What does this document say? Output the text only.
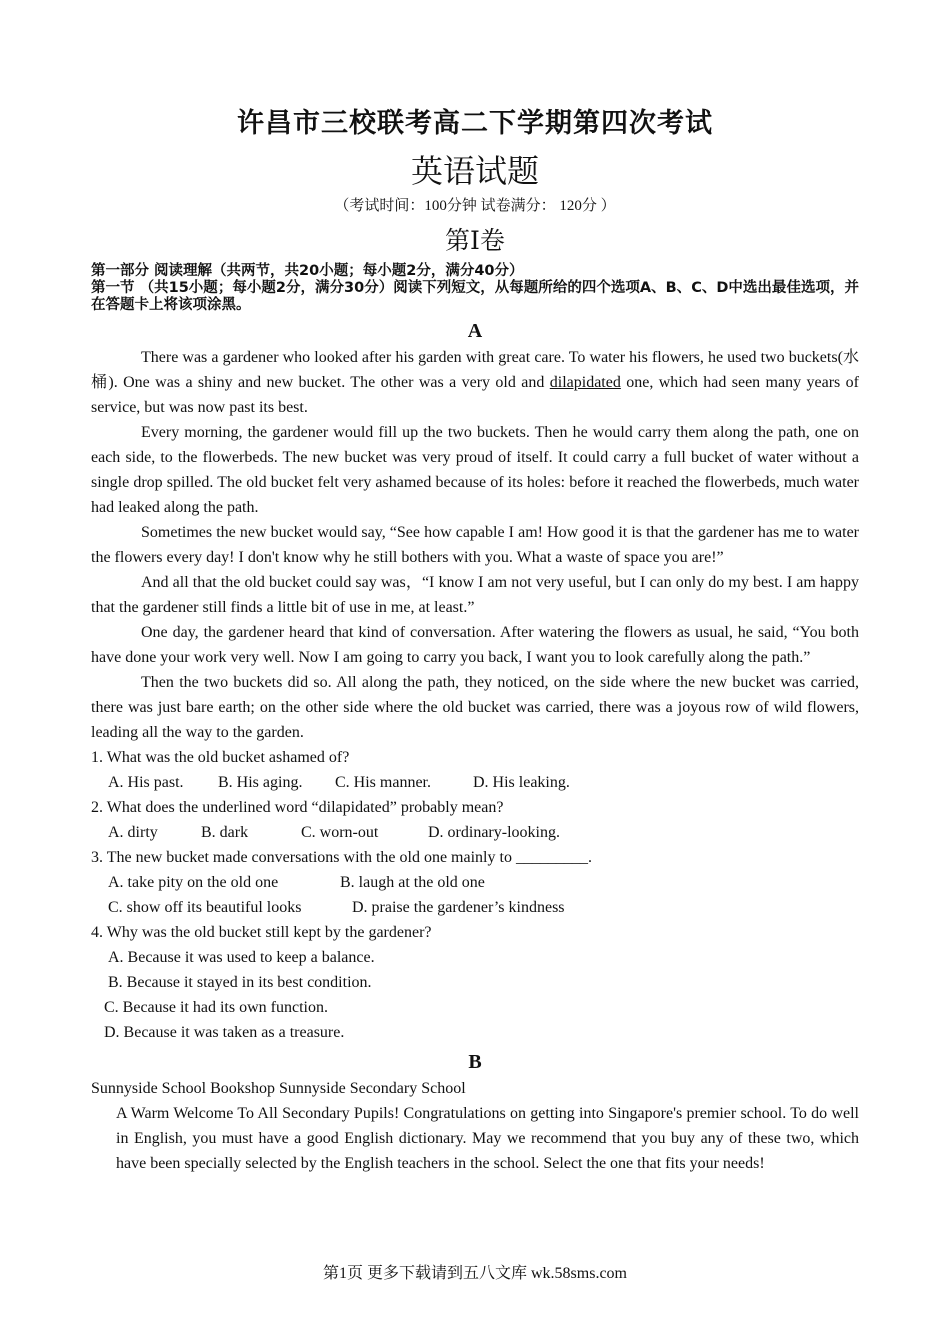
许昌市三校联考高二下学期第四次考试
英语试题
（考试时间：100分钟 试卷满分： 120分 ）
第Ⅰ卷
第一部分 阅读理解（共两节，共20小题；每小题2分，满分40分）
第一节 （共15小题；每小题2分，满分30分）阅读下列短文，从每题所给的四个选项A、B、C、D中选出最佳选项，并在答题卡上将该项涂黑。
A

There was a gardener who looked after his garden with great care. To water his flowers, he used two buckets(水桶). One was a shiny and new bucket. The other was a very old and dilapidated one, which had seen many years of service, but was now past its best.

Every morning, the gardener would fill up the two buckets. Then he would carry them along the path, one on each side, to the flowerbeds. The new bucket was very proud of itself. It could carry a full bucket of water without a single drop spilled. The old bucket felt very ashamed because of its holes: before it reached the flowerbeds, much water had leaked along the path.

Sometimes the new bucket would say, “See how capable I am! How good it is that the gardener has me to water the flowers every day! I don't know why he still bothers with you. What a waste of space you are!”

And all that the old bucket could say was，“I know I am not very useful, but I can only do my best. I am happy that the gardener still finds a little bit of use in me, at least.”

One day, the gardener heard that kind of conversation. After watering the flowers as usual, he said, “You both have done your work very well. Now I am going to carry you back, I want you to look carefully along the path.”

Then the two buckets did so. All along the path, they noticed, on the side where the new bucket was carried, there was just bare earth; on the other side where the old bucket was carried, there was a joyous row of wild flowers, leading all the way to the garden.

1. What was the old bucket ashamed of?

A. His past. B. His aging. C. His manner.	D. His leaking.

2. What does the underlined word “dilapidated” probably mean?

A. dirty	B. dark	C. worn-out	D. ordinary-looking.

3. The new bucket made conversations with the old one mainly to _________.

A. take pity on the old one	B. laugh at the old one

C. show off its beautiful looks	D. praise the gardener’s kindness

4. Why was the old bucket still kept by the gardener?

A. Because it was used to keep a balance.

B. Because it stayed in its best condition.

C. Because it had its own function.

D. Because it was taken as a treasure.

B

Sunnyside School Bookshop Sunnyside Secondary School

A Warm Welcome To All Secondary Pupils! Congratulations on getting into Singapore's premier school. To do well in English, you must have a good English dictionary. May we recommend that you buy any of these two, which have been specially selected by the English teachers in the school. Select the one that fits your needs!

第1页 更多下载请到五八文库 wk.58sms.com
